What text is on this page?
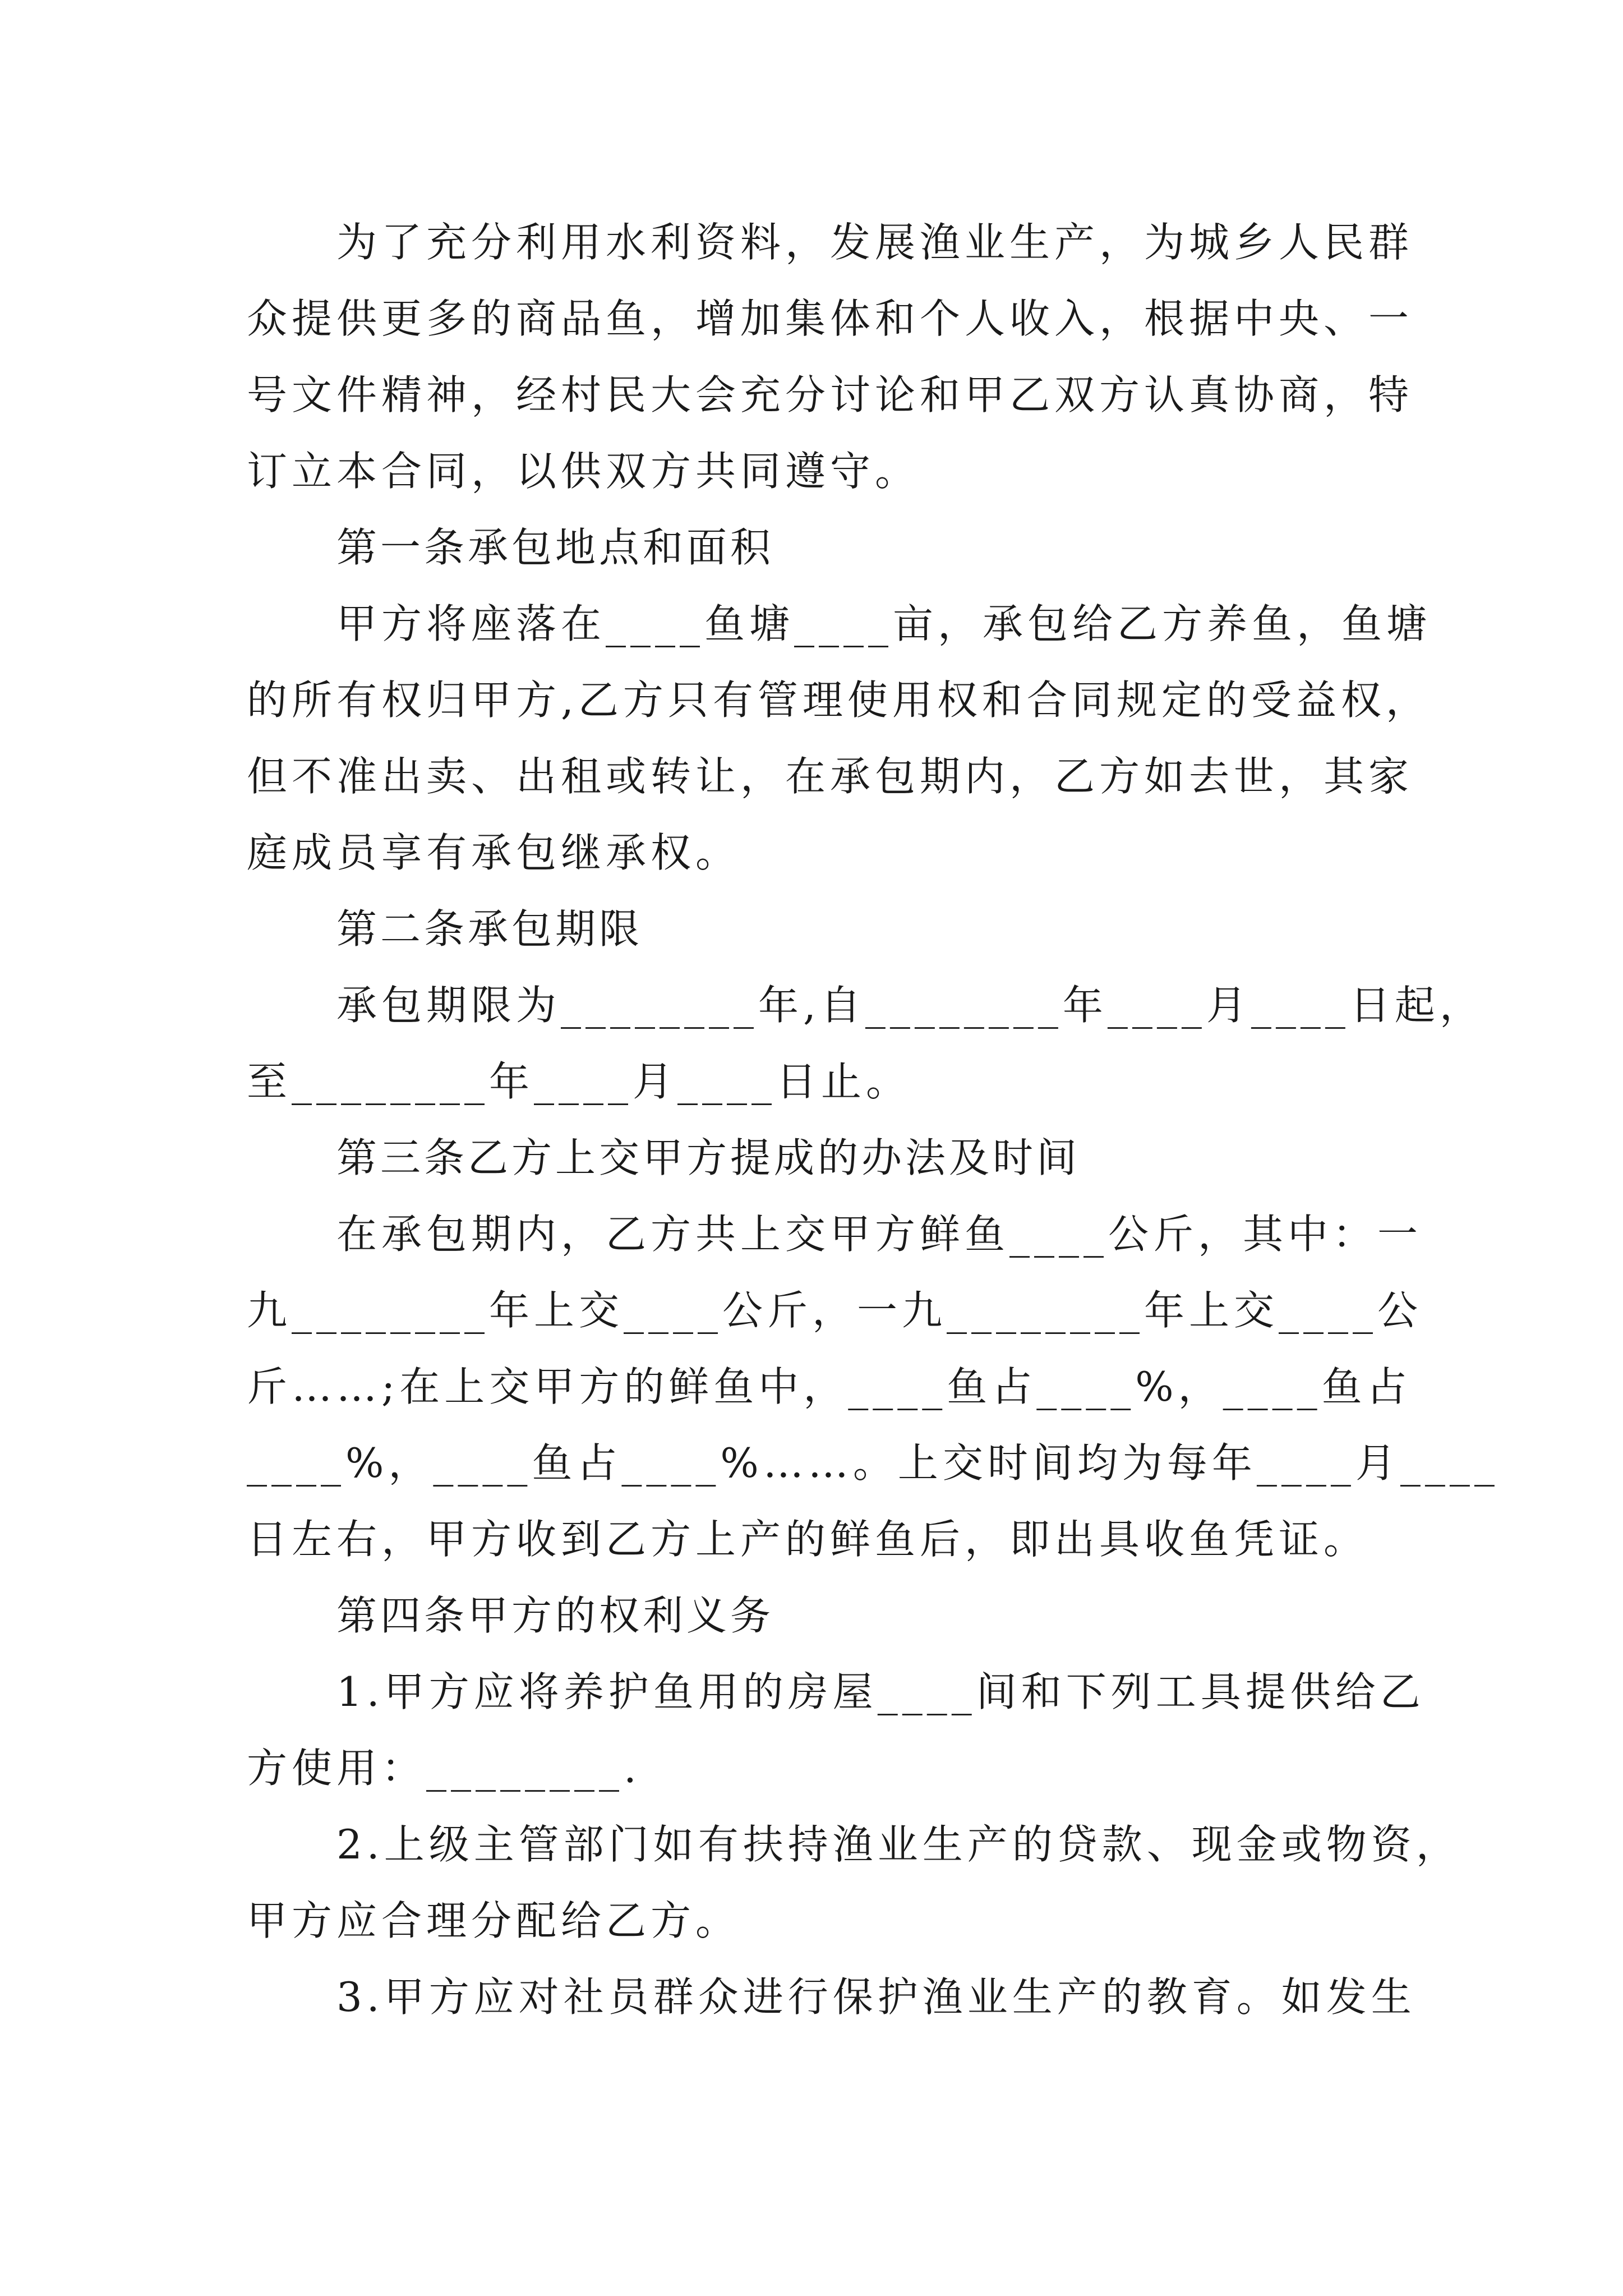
为了充分利用水利资料，发展渔业生产，为城乡人民群
众提供更多的商品鱼，增加集体和个人收入，根据中央、一
号文件精神，经村民大会充分讨论和甲乙双方认真协商，特
订立本合同，以供双方共同遵守。
第一条承包地点和面积
甲方将座落在____鱼塘____亩，承包给乙方养鱼，鱼塘
的所有权归甲方,乙方只有管理使用权和合同规定的受益权，
但不准出卖、出租或转让，在承包期内，乙方如去世，其家
庭成员享有承包继承权。
第二条承包期限
承包期限为________年,自________年____月____日起，
至________年____月____日止。
第三条乙方上交甲方提成的办法及时间
在承包期内，乙方共上交甲方鲜鱼____公斤，其中：一
九________年上交____公斤，一九________年上交____公
斤……;在上交甲方的鲜鱼中，____鱼占____%，____鱼占
____%，____鱼占____%……。上交时间均为每年____月____
日左右，甲方收到乙方上产的鲜鱼后，即出具收鱼凭证。
第四条甲方的权利义务
1.甲方应将养护鱼用的房屋____间和下列工具提供给乙
方使用：________.
2.上级主管部门如有扶持渔业生产的贷款、现金或物资，
甲方应合理分配给乙方。
3.甲方应对社员群众进行保护渔业生产的教育。如发生
